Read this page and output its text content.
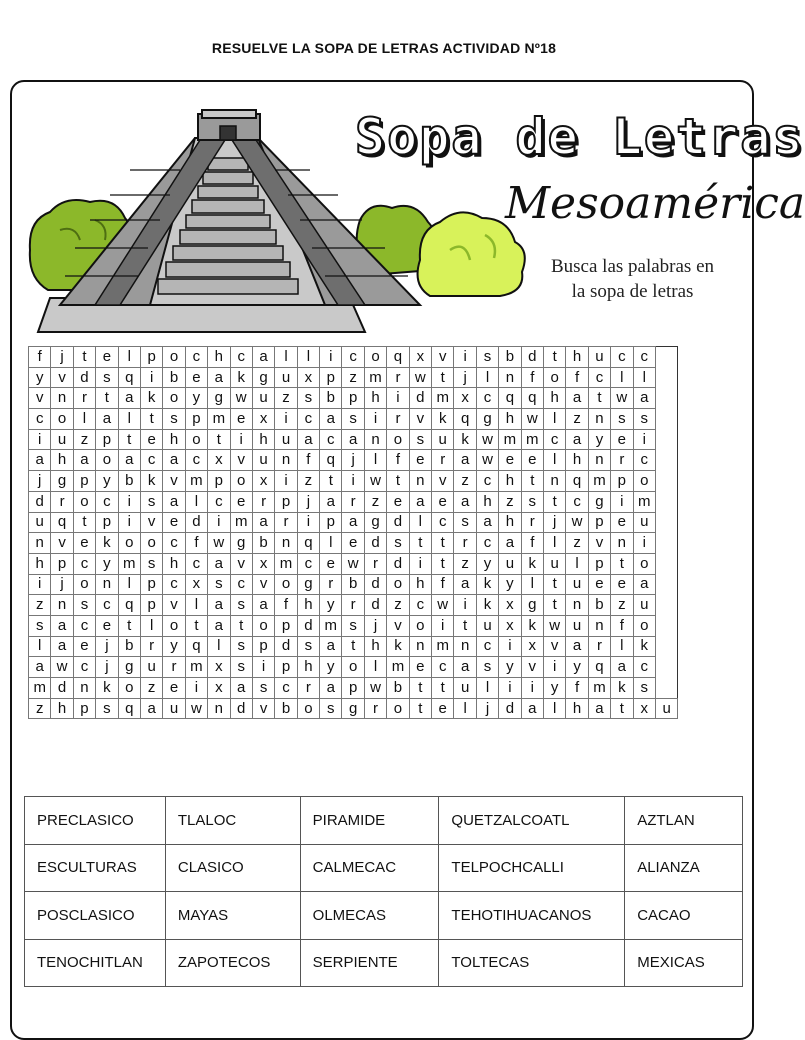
RESUELVE LA SOPA DE LETRAS ACTIVIDAD Nº18
Sopa de Letras
Mesoamérica
Busca las palabras en
la sopa de letras
f	j	t	e	l	p	o	c	h	c	a	l	l	i	c	o	q	x	v	i	s	b	d	t	h	u	c	c	
y	v	d	s	q	i	b	e	a	k	g	u	x	p	z	m	r	w	t	j	l	n	f	o	f	c	l	l	
v	n	r	t	a	k	o	y	g	w	u	z	s	b	p	h	i	d	m	x	c	q	q	h	a	t	w	a	
c	o	l	a	l	t	s	p	m	e	x	i	c	a	s	i	r	v	k	q	g	h	w	l	z	n	s	s	
i	u	z	p	t	e	h	o	t	i	h	u	a	c	a	n	o	s	u	k	w	m	m	c	a	y	e	i	
a	h	a	o	a	c	a	c	x	v	u	n	f	q	j	l	f	e	r	a	w	e	e	l	h	n	r	c	
j	g	p	y	b	k	v	m	p	o	x	i	z	t	i	w	t	n	v	z	c	h	t	n	q	m	p	o	
d	r	o	c	i	s	a	l	c	e	r	p	j	a	r	z	e	a	e	a	h	z	s	t	c	g	i	m	
u	q	t	p	i	v	e	d	i	m	a	r	i	p	a	g	d	l	c	s	a	h	r	j	w	p	e	u	
n	v	e	k	o	o	c	f	w	g	b	n	q	l	e	d	s	t	t	r	c	a	f	l	z	v	n	i	
h	p	c	y	m	s	h	c	a	v	x	m	c	e	w	r	d	i	t	z	y	u	k	u	l	p	t	o	
i	j	o	n	l	p	c	x	s	c	v	o	g	r	b	d	o	h	f	a	k	y	l	t	u	e	e	a	
z	n	s	c	q	p	v	l	a	s	a	f	h	y	r	d	z	c	w	i	k	x	g	t	n	b	z	u	
s	a	c	e	t	l	o	t	a	t	o	p	d	m	s	j	v	o	i	t	u	x	k	w	u	n	f	o	
l	a	e	j	b	r	y	q	l	s	p	d	s	a	t	h	k	n	m	n	c	i	x	v	a	r	l	k	
a	w	c	j	g	u	r	m	x	s	i	p	h	y	o	l	m	e	c	a	s	y	v	i	y	q	a	c	
m	d	n	k	o	z	e	i	x	a	s	c	r	a	p	w	b	t	t	u	l	i	i	y	f	m	k	s	
z	h	p	s	q	a	u	w	n	d	v	b	o	s	g	r	o	t	e	l	j	d	a	l	h	a	t	x	u
PRECLASICO	TLALOC	PIRAMIDE	QUETZALCOATL	AZTLAN
ESCULTURAS	CLASICO	CALMECAC	TELPOCHCALLI	ALIANZA
POSCLASICO	MAYAS	OLMECAS	TEHOTIHUACANOS	CACAO
TENOCHITLAN	ZAPOTECOS	SERPIENTE	TOLTECAS	MEXICAS
